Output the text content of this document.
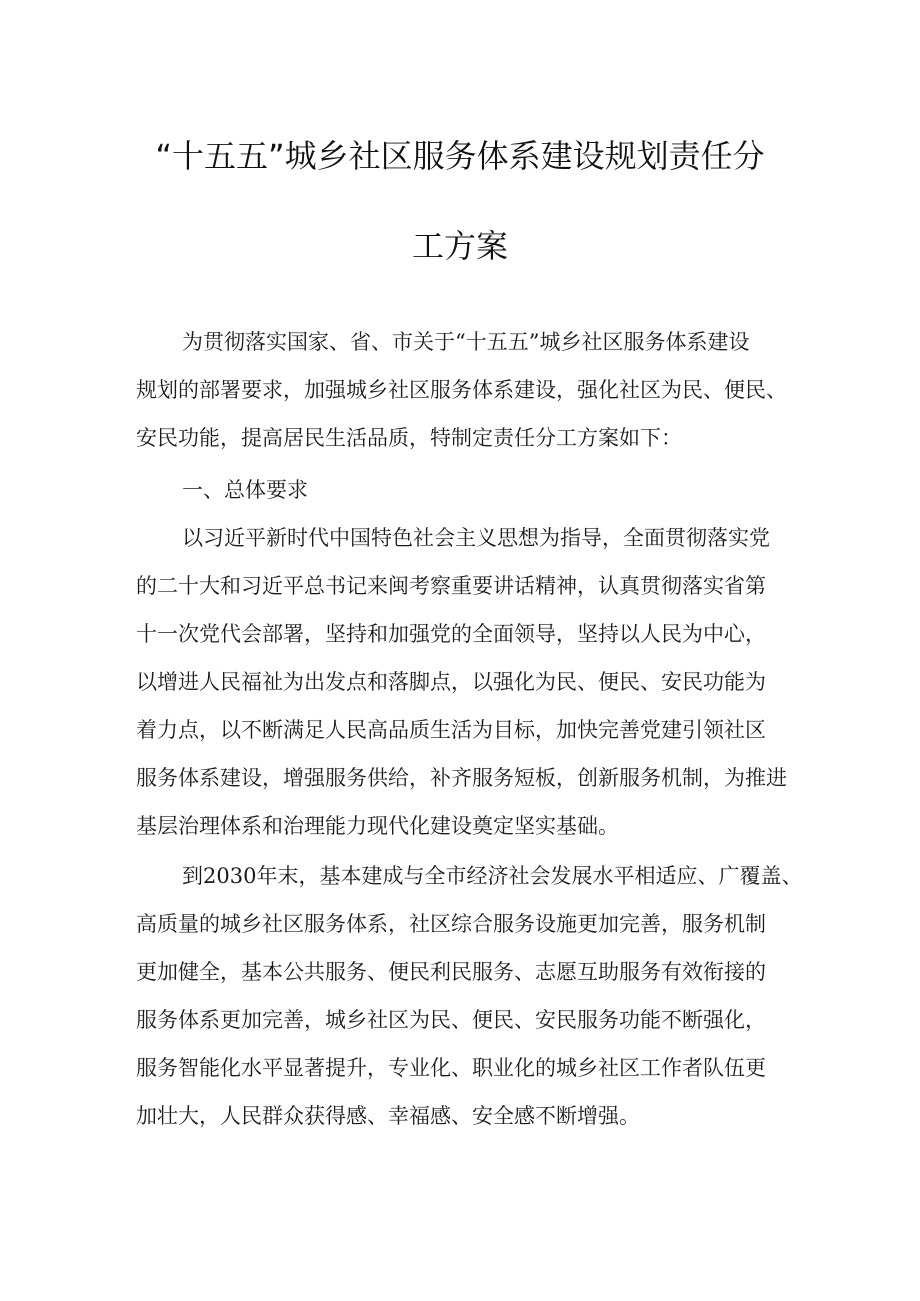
“十五五”城乡社区服务体系建设规划责任分
工方案
为贯彻落实国家、省、市关于“十五五”城乡社区服务体系建设
规划的部署要求，加强城乡社区服务体系建设，强化社区为民、便民、
安民功能，提高居民生活品质，特制定责任分工方案如下：
一、总体要求
以习近平新时代中国特色社会主义思想为指导，全面贯彻落实党
的二十大和习近平总书记来闽考察重要讲话精神，认真贯彻落实省第
十一次党代会部署，坚持和加强党的全面领导，坚持以人民为中心，
以增进人民福祉为出发点和落脚点，以强化为民、便民、安民功能为
着力点，以不断满足人民高品质生活为目标，加快完善党建引领社区
服务体系建设，增强服务供给，补齐服务短板，创新服务机制，为推进
基层治理体系和治理能力现代化建设奠定坚实基础。
到2030年末，基本建成与全市经济社会发展水平相适应、广覆盖、
高质量的城乡社区服务体系，社区综合服务设施更加完善，服务机制
更加健全，基本公共服务、便民利民服务、志愿互助服务有效衔接的
服务体系更加完善，城乡社区为民、便民、安民服务功能不断强化，
服务智能化水平显著提升，专业化、职业化的城乡社区工作者队伍更
加壮大，人民群众获得感、幸福感、安全感不断增强。
